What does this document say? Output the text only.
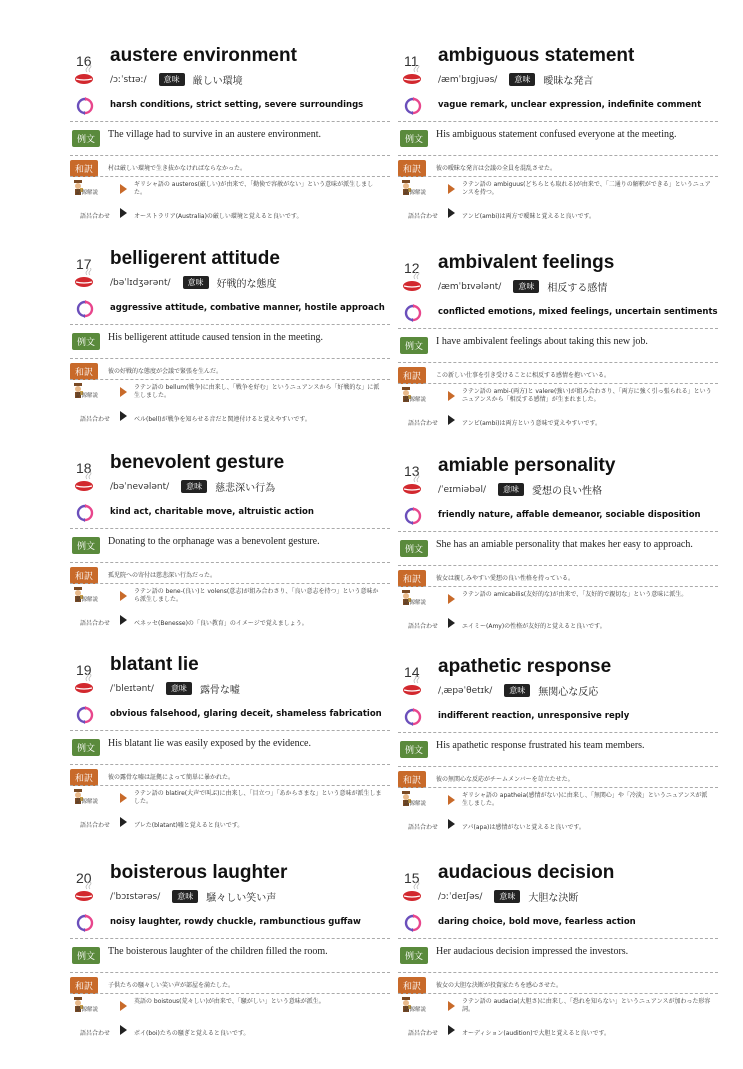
16 austere environment
/ɔːˈstɪəː/	意味	厳しい環境
harsh conditions, strict setting, severe surroundings
例文	The village had to survive in an austere environment.
和訳	村は厳しい環境で生き抜かなければならなかった。
語源解説
ギリシャ語の austeros(厳しい)が由来で、「勤倹で容赦がない」という意味が派生しました。
語呂合わせ	オーストラリア(Australia)の厳しい環境と覚えると良いです。
11 ambiguous statement
/æmˈbɪgjuəs/	意味	曖昧な発言
vague remark, unclear expression, indefinite comment
例文	His ambiguous statement confused everyone at the meeting.
和訳	彼の曖昧な発言は会議の全員を混乱させた。
語源解説
ラテン語の ambiguus(どちらとも取れる)が由来で、「二通りの解釈ができる」というニュアンスを持つ。
語呂合わせ	アンビ(ambi)は両方で曖昧と覚えると良いです。
17 belligerent attitude
/bəˈlɪdʒərənt/	意味	好戦的な態度
aggressive attitude, combative manner, hostile approach
例文	His belligerent attitude caused tension in the meeting.
和訳	彼の好戦的な態度が会議で緊張を生んだ。
語源解説
ラテン語の bellum(戦争)に由来し、「戦争を好む」というニュアンスから「好戦的な」に派生しました。
語呂合わせ	ベル(bell)が戦争を知らせる音だと関連付けると覚えやすいです。
12 ambivalent feelings
/æmˈbɪvələnt/	意味	相反する感情
conflicted emotions, mixed feelings, uncertain sentiments
例文	I have ambivalent feelings about taking this new job.
和訳	この新しい仕事を引き受けることに相反する感情を抱いている。
語源解説
ラテン語の ambi-(両方)と valere(強い)が組み合わさり、「両方に強く引っ張られる」というニュアンスから「相反する感情」が生まれました。
語呂合わせ	アンビ(ambi)は両方という意味で覚えやすいです。
18 benevolent gesture
/bəˈnevələnt/	意味	慈悲深い行為
kind act, charitable move, altruistic action
例文	Donating to the orphanage was a benevolent gesture.
和訳	孤児院への寄付は慈悲深い行為だった。
語源解説
ラテン語の bene-(良い)と volens(意志)が組み合わさり、「良い意志を持つ」という意味から派生しました。
語呂合わせ	ベネッセ(Benesse)の「良い教育」のイメージで覚えましょう。
13 amiable personality
/ˈeɪmiəbəl/	意味	愛想の良い性格
friendly nature, affable demeanor, sociable disposition
例文	She has an amiable personality that makes her easy to approach.
和訳	彼女は親しみやすい愛想の良い性格を持っている。
語源解説
ラテン語の amicabilis(友好的な)が由来で、「友好的で親切な」という意味に派生。
語呂合わせ	エイミー(Amy)の性格が友好的と覚えると良いです。
19 blatant lie
/ˈbleɪtənt/	意味	露骨な嘘
obvious falsehood, glaring deceit, shameless fabrication
例文	His blatant lie was easily exposed by the evidence.
和訳	彼の露骨な嘘は証拠によって簡単に暴かれた。
語源解説
ラテン語の blatire(大声で叫ぶ)に由来し、「目立つ」「あからさまな」という意味が派生しました。
語呂合わせ	ブレた(blatant)嘘と覚えると良いです。
14 apathetic response
/ˌæpəˈθetɪk/	意味	無関心な反応
indifferent reaction, unresponsive reply
例文	His apathetic response frustrated his team members.
和訳	彼の無関心な反応がチームメンバーを苛立たせた。
語源解説
ギリシャ語の apatheia(感情がない)に由来し、「無関心」や「冷淡」というニュアンスが派生しました。
語呂合わせ	アパ(apa)は感情がないと覚えると良いです。
20 boisterous laughter
/ˈbɔɪstərəs/	意味	騒々しい笑い声
noisy laughter, rowdy chuckle, rambunctious guffaw
例文	The boisterous laughter of the children filled the room.
和訳	子供たちの騒々しい笑い声が部屋を満たした。
語源解説
英語の boistous(荒々しい)が由来で、「騒がしい」という意味が派生。
語呂合わせ	ボイ(boi)たちの騒ぎと覚えると良いです。
15 audacious decision
/ɔːˈdeɪʃəs/	意味	大胆な決断
daring choice, bold move, fearless action
例文	Her audacious decision impressed the investors.
和訳	彼女の大胆な決断が投資家たちを感心させた。
語源解説
ラテン語の audacia(大胆さ)に由来し、「恐れを知らない」というニュアンスが加わった形容詞。
語呂合わせ	オーディション(audition)で大胆と覚えると良いです。
